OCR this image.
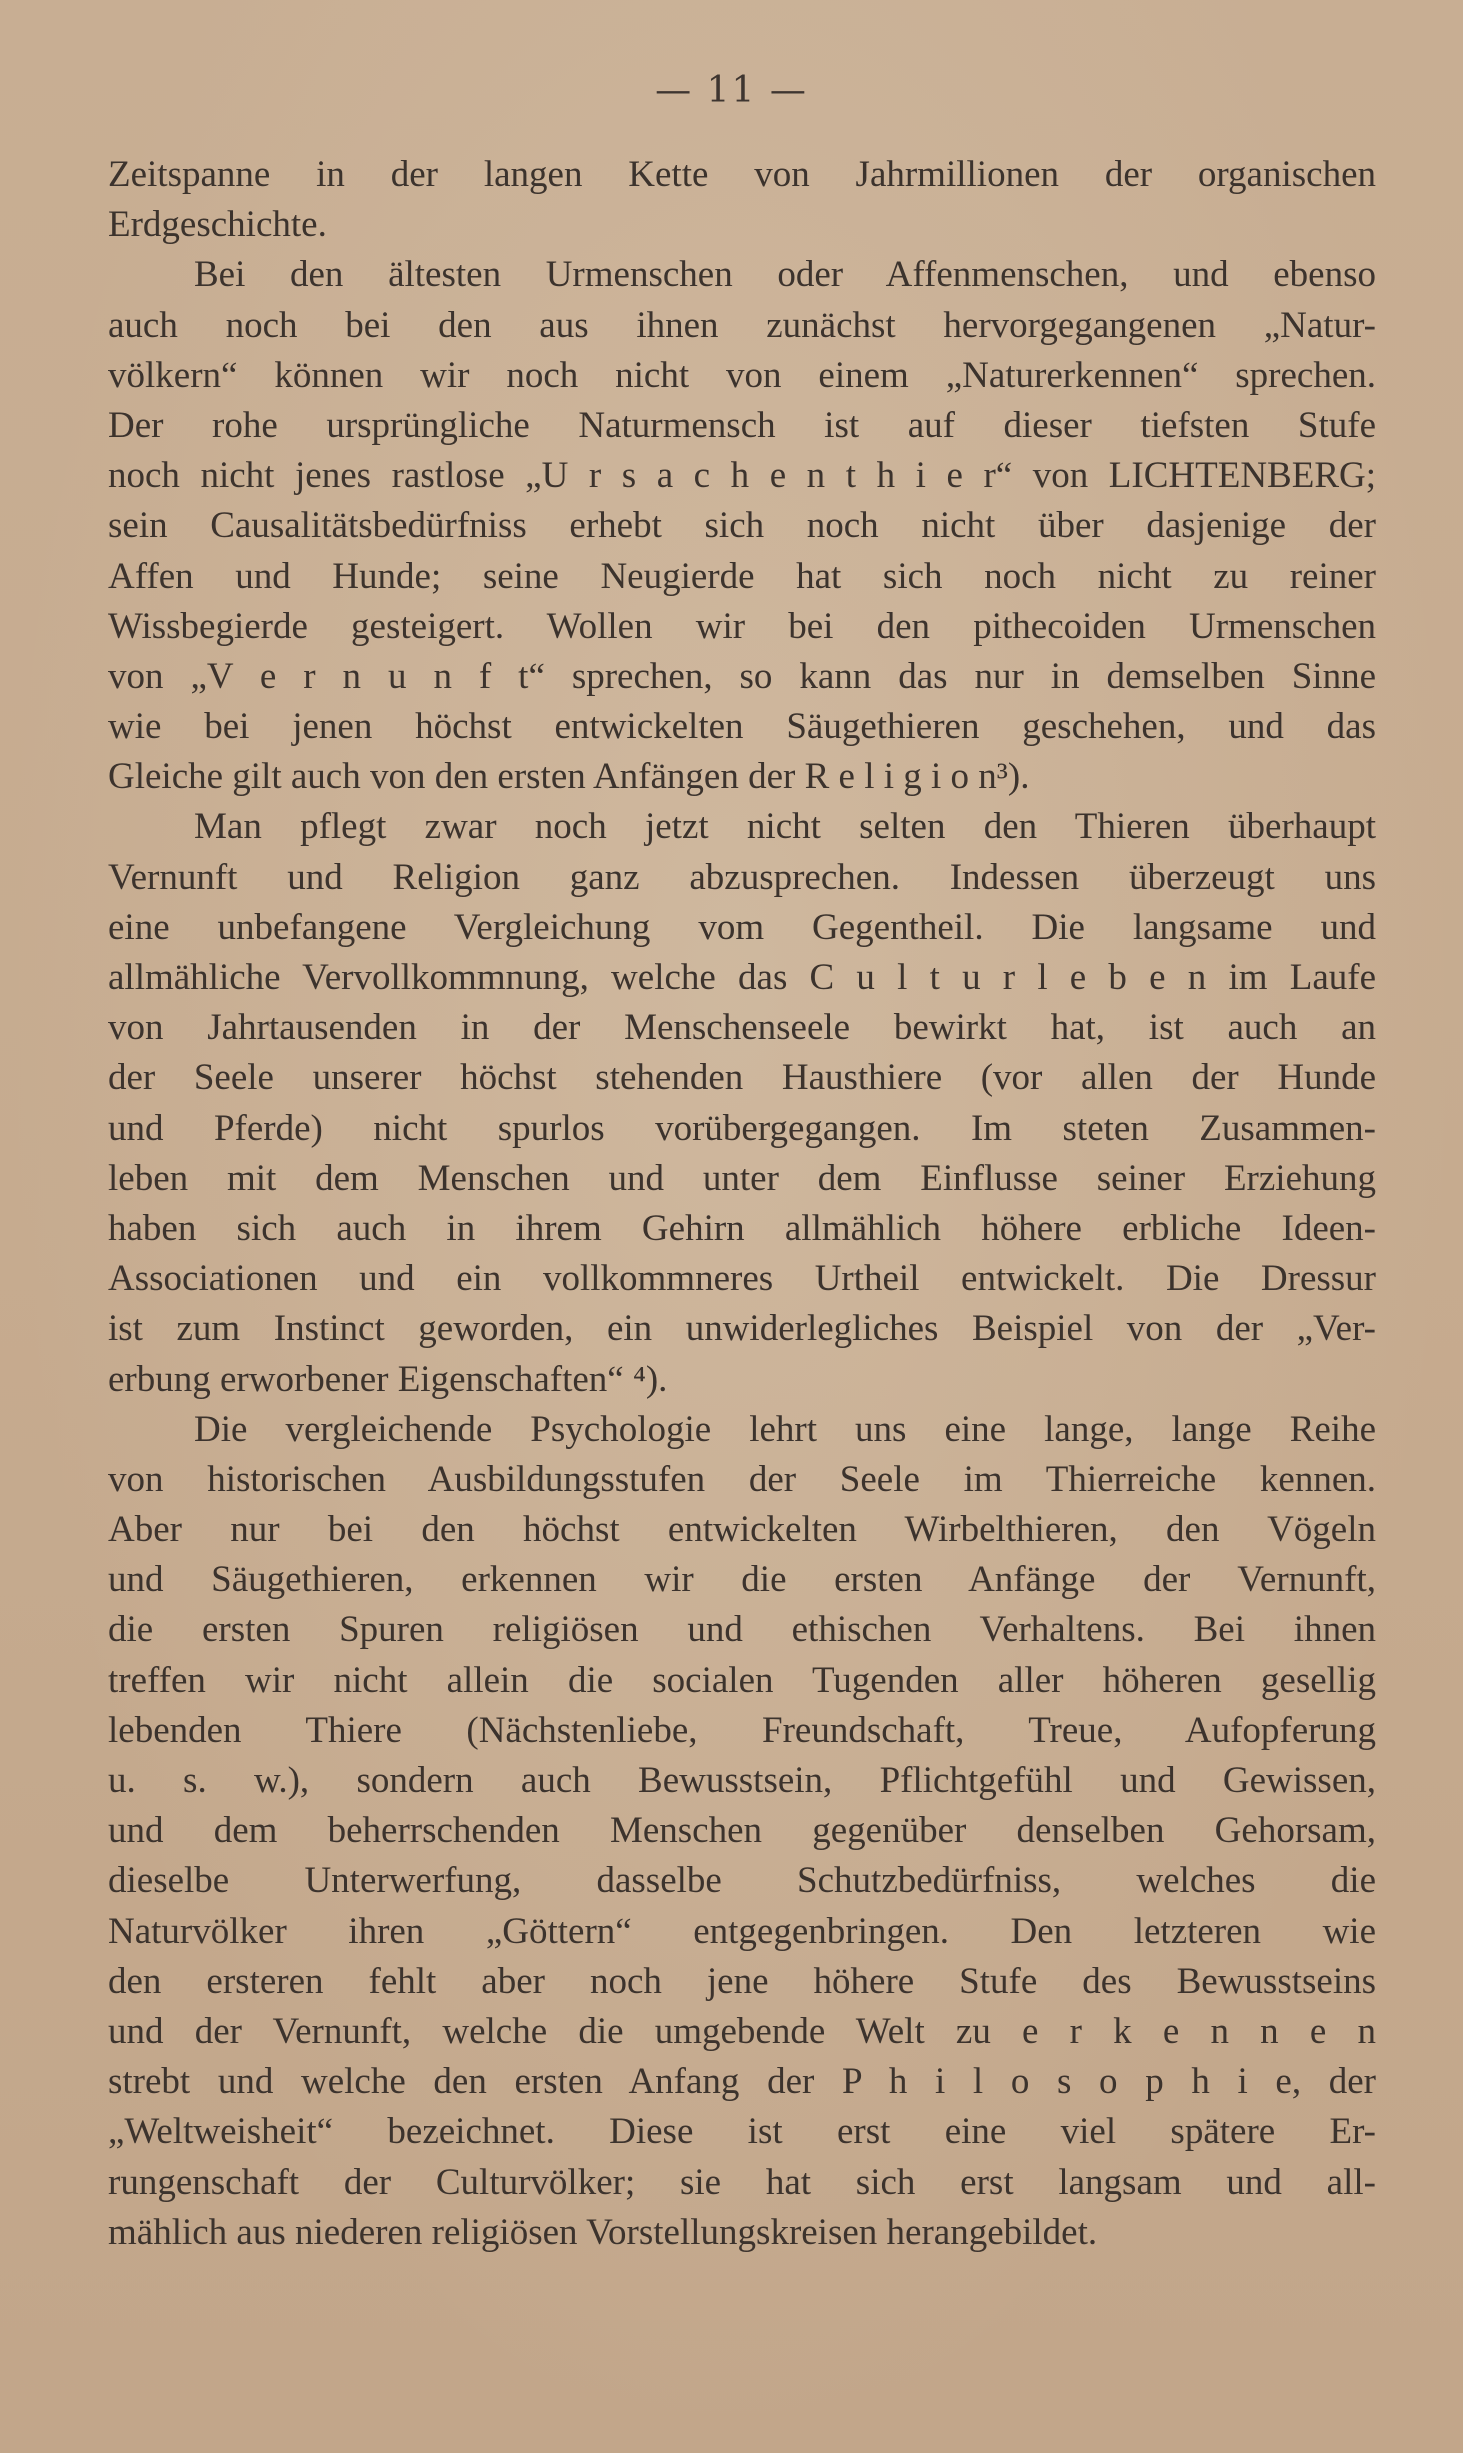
— 11 —
Zeitspanne in der langen Kette von Jahrmillionen der organischen
Erdgeschichte.
Bei den ältesten Urmenschen oder Affenmenschen, und ebenso
auch noch bei den aus ihnen zunächst hervorgegangenen „Natur-
völkern“ können wir noch nicht von einem „Naturerkennen“ sprechen.
Der rohe ursprüngliche Naturmensch ist auf dieser tiefsten Stufe
noch nicht jenes rastlose „U r s a c h e n t h i e r“ von LICHTENBERG;
sein Causalitätsbedürfniss erhebt sich noch nicht über dasjenige der
Affen und Hunde; seine Neugierde hat sich noch nicht zu reiner
Wissbegierde gesteigert. Wollen wir bei den pithecoiden Urmenschen
von „V e r n u n f t“ sprechen, so kann das nur in demselben Sinne
wie bei jenen höchst entwickelten Säugethieren geschehen, und das
Gleiche gilt auch von den ersten Anfängen der R e l i g i o n³).
Man pflegt zwar noch jetzt nicht selten den Thieren überhaupt
Vernunft und Religion ganz abzusprechen. Indessen überzeugt uns
eine unbefangene Vergleichung vom Gegentheil. Die langsame und
allmähliche Vervollkommnung, welche das C u l t u r l e b e n im Laufe
von Jahrtausenden in der Menschenseele bewirkt hat, ist auch an
der Seele unserer höchst stehenden Hausthiere (vor allen der Hunde
und Pferde) nicht spurlos vorübergegangen. Im steten Zusammen-
leben mit dem Menschen und unter dem Einflusse seiner Erziehung
haben sich auch in ihrem Gehirn allmählich höhere erbliche Ideen-
Associationen und ein vollkommneres Urtheil entwickelt. Die Dressur
ist zum Instinct geworden, ein unwiderlegliches Beispiel von der „Ver-
erbung erworbener Eigenschaften“ ⁴).
Die vergleichende Psychologie lehrt uns eine lange, lange Reihe
von historischen Ausbildungsstufen der Seele im Thierreiche kennen.
Aber nur bei den höchst entwickelten Wirbelthieren, den Vögeln
und Säugethieren, erkennen wir die ersten Anfänge der Vernunft,
die ersten Spuren religiösen und ethischen Verhaltens. Bei ihnen
treffen wir nicht allein die socialen Tugenden aller höheren gesellig
lebenden Thiere (Nächstenliebe, Freundschaft, Treue, Aufopferung
u. s. w.), sondern auch Bewusstsein, Pflichtgefühl und Gewissen,
und dem beherrschenden Menschen gegenüber denselben Gehorsam,
dieselbe Unterwerfung, dasselbe Schutzbedürfniss, welches die
Naturvölker ihren „Göttern“ entgegenbringen. Den letzteren wie
den ersteren fehlt aber noch jene höhere Stufe des Bewusstseins
und der Vernunft, welche die umgebende Welt zu e r k e n n e n
strebt und welche den ersten Anfang der P h i l o s o p h i e, der
„Weltweisheit“ bezeichnet. Diese ist erst eine viel spätere Er-
rungenschaft der Culturvölker; sie hat sich erst langsam und all-
mählich aus niederen religiösen Vorstellungskreisen herangebildet.
